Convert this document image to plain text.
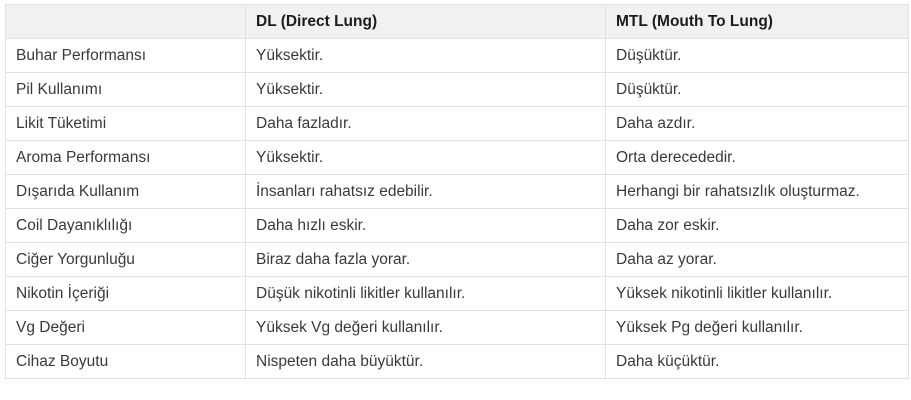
	DL (Direct Lung)	MTL (Mouth To Lung)
Buhar Performansı	Yüksektir.	Düşüktür.
Pil Kullanımı	Yüksektir.	Düşüktür.
Likit Tüketimi	Daha fazladır.	Daha azdır.
Aroma Performansı	Yüksektir.	Orta derecededir.
Dışarıda Kullanım	İnsanları rahatsız edebilir.	Herhangi bir rahatsızlık oluşturmaz.
Coil Dayanıklılığı	Daha hızlı eskir.	Daha zor eskir.
Ciğer Yorgunluğu	Biraz daha fazla yorar.	Daha az yorar.
Nikotin İçeriği	Düşük nikotinli likitler kullanılır.	Yüksek nikotinli likitler kullanılır.
Vg Değeri	Yüksek Vg değeri kullanılır.	Yüksek Pg değeri kullanılır.
Cihaz Boyutu	Nispeten daha büyüktür.	Daha küçüktür.
